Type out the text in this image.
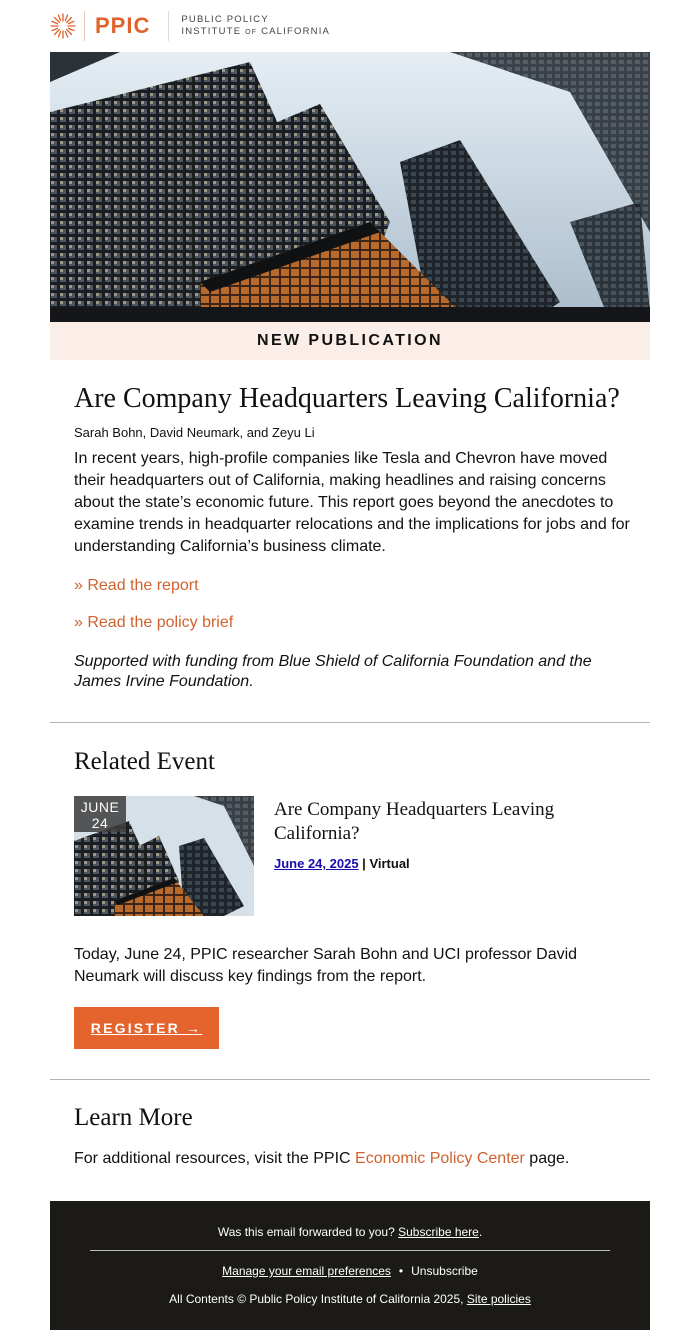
PPIC	PUBLIC POLICY
INSTITUTE OF CALIFORNIA
NEW PUBLICATION
Are Company Headquarters Leaving California?
Sarah Bohn, David Neumark, and Zeyu Li

In recent years, high-profile companies like Tesla and Chevron have moved their headquarters out of California, making headlines and raising concerns about the state’s economic future. This report goes beyond the anecdotes to examine trends in headquarter relocations and the implications for jobs and for understanding California’s business climate.

» Read the report
» Read the policy brief

Supported with funding from Blue Shield of California Foundation and the James Irvine Foundation.

Related Event
JUNE
24
Are Company Headquarters Leaving California?
June 24, 2025 | Virtual

Today, June 24, PPIC researcher Sarah Bohn and UCI professor David Neumark will discuss key findings from the report.

REGISTER →
Learn More
For additional resources, visit the PPIC Economic Policy Center page.
Was this email forwarded to you? Subscribe here.
Manage your email preferences • Unsubscribe
All Contents © Public Policy Institute of California 2025, Site policies
